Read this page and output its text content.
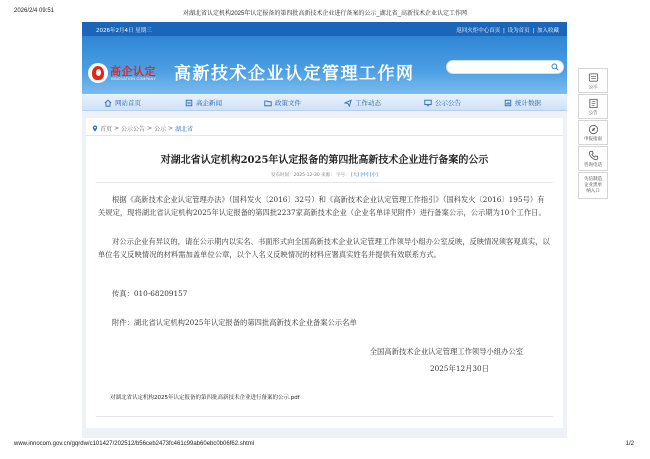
2026/2/4 09:51	对湖北省认定机构2025年认定报备的第四批高新技术企业进行备案的公示_湖北省_高新技术企业认定工作网
2026年2月4日 星期三	返回火炬中心首页 | 设为首页 | 加入收藏
高企认定
INNOVATION COMPANY 高新技术企业认定管理工作网
网站首页	高企新闻	政策文件	工作动态	公示公告	统计数据
首页 > 公示公告 > 公示 > 湖北省
对湖北省认定机构2025年认定报备的第四批高新技术企业进行备案的公示
发布时间：2025-12-30 来源： 字号： [大] [中] [小]
根据《高新技术企业认定管理办法》（国科发火〔2016〕32号）和《高新技术企业认定管理工作指引》（国科发火〔2016〕195号）有关规定，现将湖北省认定机构2025年认定报备的第四批2237家高新技术企业（企业名单详见附件）进行备案公示，公示期为10个工作日。
对公示企业有异议的，请在公示期内以实名、书面形式向全国高新技术企业认定管理工作领导小组办公室反映，反映情况须客观真实，以单位名义反映情况的材料需加盖单位公章，以个人名义反映情况的材料应署真实姓名并提供有效联系方式。
传真：010-68209157
附件：湖北省认定机构2025年认定报备的第四批高新技术企业备案公示名单
全国高新技术企业认定管理工作领导小组办公室
2025年12月30日
对湖北省认定机构2025年认定报备的第四批高新技术企业进行备案的公示.pdf
公示
公告
申报指南
咨询电话
失信制造
企业黑单
纳入口
www.innocom.gov.cn/gqrdw/c101427/202512/b56ceb2473fc461c99ab60ebc0b06f62.shtml	1/2
